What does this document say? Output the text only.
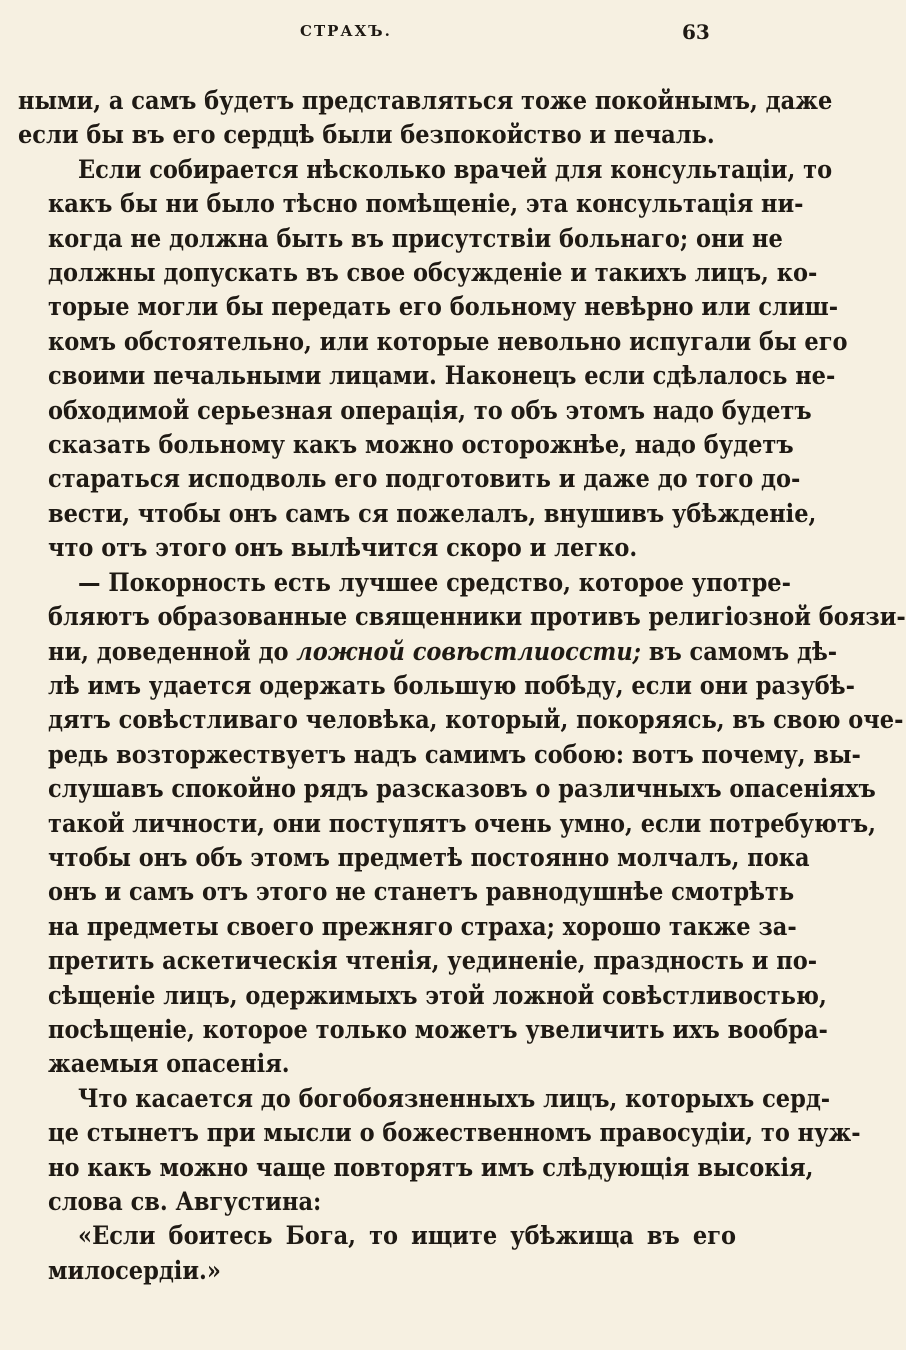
СТРАХЪ.	63
ными, а самъ будетъ представляться тоже покойнымъ, даже
если бы въ его сердцѣ были безпокойство и печаль.
Если собирается нѣсколько врачей для консультаціи, то
какъ бы ни было тѣсно помѣщеніе, эта консультація ни-
когда не должна быть въ присутствіи больнаго; они не
должны допускать въ свое обсужденіе и такихъ лицъ, ко-
торые могли бы передать его больному невѣрно или слиш-
комъ обстоятельно, или которые невольно испугали бы его
своими печальными лицами. Наконецъ если сдѣлалось не-
обходимой серьезная операція, то объ этомъ надо будетъ
сказать больному какъ можно осторожнѣе, надо будетъ
стараться исподволь его подготовить и даже до того до-
вести, чтобы онъ самъ ся пожелалъ, внушивъ убѣжденіе,
что отъ этого онъ вылѣчится скоро и легко.
— Покорность есть лучшее средство, которое употре-
бляютъ образованные священники противъ религіозной боязи-
ни, доведенной до ложной совѣстлиосcти; въ самомъ дѣ-
лѣ имъ удается одержать большую побѣду, если они разубѣ-
дятъ совѣстливаго человѣка, который, покоряясь, въ свою оче-
редь возторжествуетъ надъ самимъ собою: вотъ почему, вы-
слушавъ спокойно рядъ разсказовъ о различныхъ опасеніяхъ
такой личности, они поступятъ очень умно, если потребуютъ,
чтобы онъ объ этомъ предметѣ постоянно молчалъ, пока
онъ и самъ отъ этого не станетъ равнодушнѣе смотрѣть
на предметы своего прежняго страха; хорошо также за-
претить аскетическія чтенія, уединеніе, праздность и по-
сѣщеніе лицъ, одержимыхъ этой ложной совѣстливостью,
посѣщеніе, которое только можетъ увеличить ихъ вообра-
жаемыя опасенія.
Что касается до богобоязненныхъ лицъ, которыхъ серд-
це стынетъ при мысли о божественномъ правосудіи, то нуж-
но какъ можно чаще повторятъ имъ слѣдующія высокія,
слова св. Августина:
«Если боитесь Бога, то ищите убѣжища въ его
милосердіи.»
